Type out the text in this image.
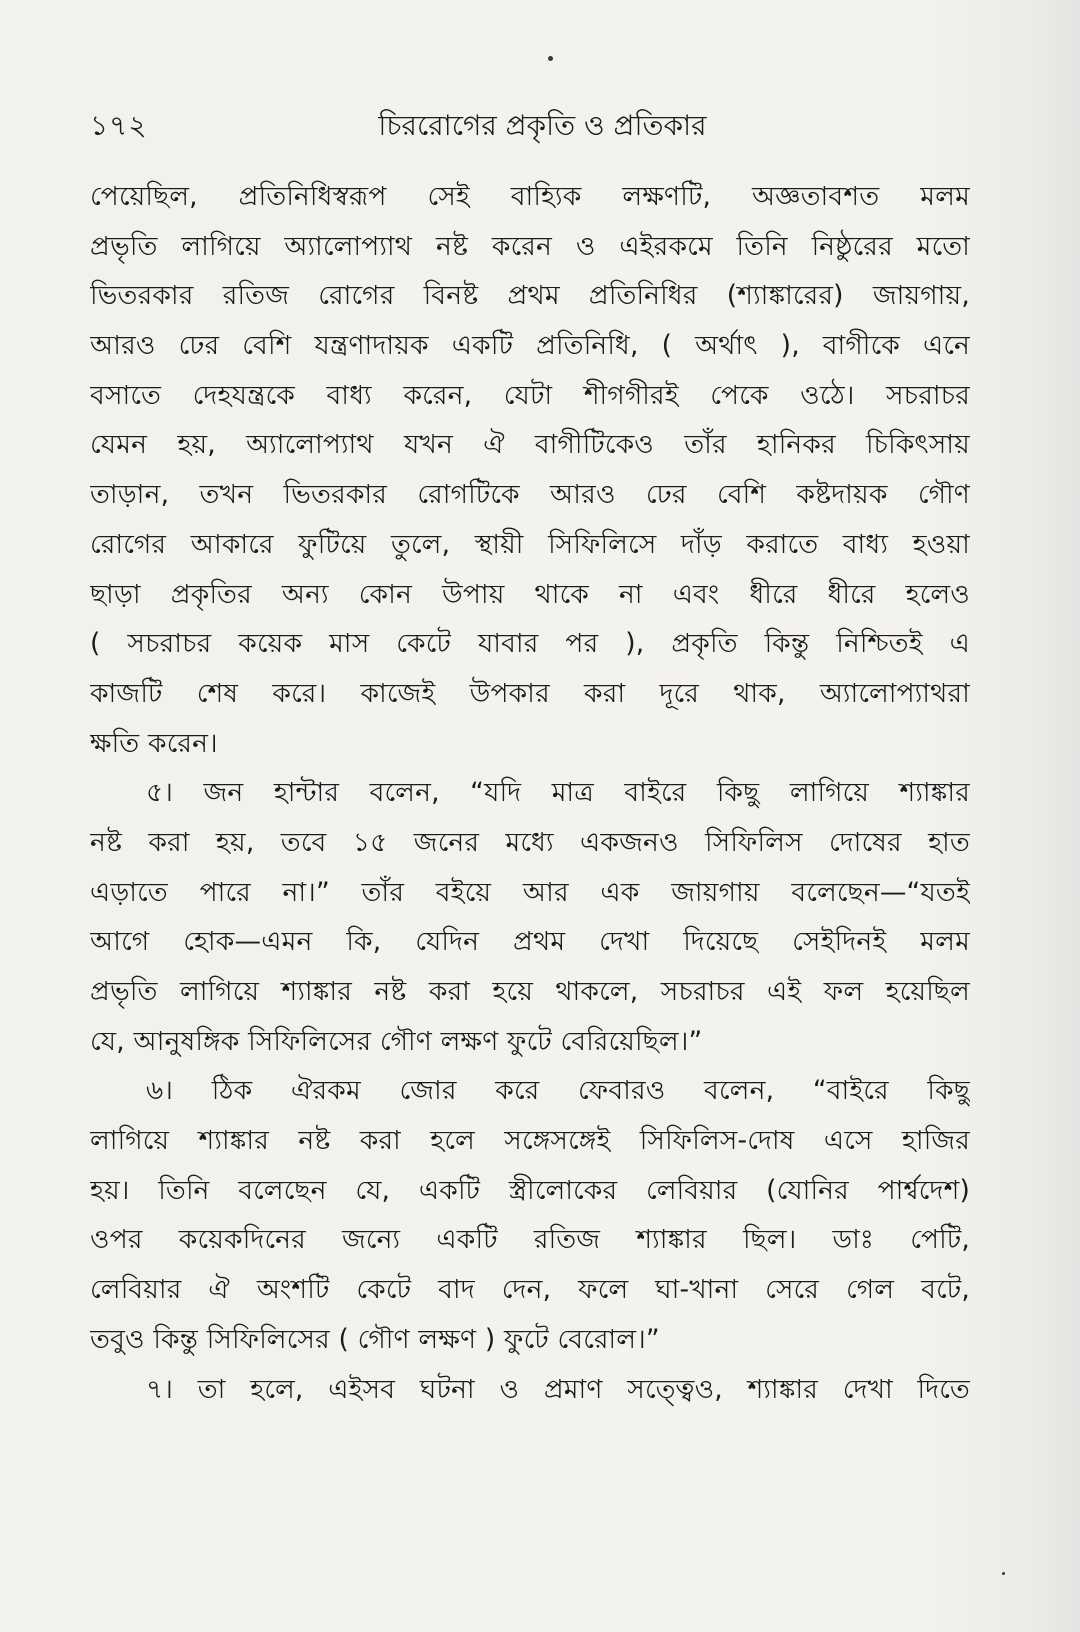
১৭২	চিররোগের প্রকৃতি ও প্রতিকার
পেয়েছিল, প্রতিনিধিস্বরূপ সেই বাহ্যিক লক্ষণটি, অজ্ঞতাবশত মলম
প্রভৃতি লাগিয়ে অ্যালোপ্যাথ নষ্ট করেন ও এইরকমে তিনি নিষ্ঠুরের মতো
ভিতরকার রতিজ রোগের বিনষ্ট প্রথম প্রতিনিধির (শ্যাঙ্কারের) জায়গায়,
আরও ঢের বেশি যন্ত্রণাদায়ক একটি প্রতিনিধি, ( অর্থাৎ ), বাগীকে এনে
বসাতে দেহযন্ত্রকে বাধ্য করেন, যেটা শীগগীরই পেকে ওঠে। সচরাচর
যেমন হয়, অ্যালোপ্যাথ যখন ঐ বাগীটিকেও তাঁর হানিকর চিকিৎসায়
তাড়ান, তখন ভিতরকার রোগটিকে আরও ঢের বেশি কষ্টদায়ক গৌণ
রোগের আকারে ফুটিয়ে তুলে, স্থায়ী সিফিলিসে দাঁড় করাতে বাধ্য হওয়া
ছাড়া প্রকৃতির অন্য কোন উপায় থাকে না এবং ধীরে ধীরে হলেও
( সচরাচর কয়েক মাস কেটে যাবার পর ), প্রকৃতি কিন্তু নিশ্চিতই এ
কাজটি শেষ করে। কাজেই উপকার করা দূরে থাক, অ্যালোপ্যাথরা
ক্ষতি করেন।
৫। জন হান্টার বলেন, “যদি মাত্র বাইরে কিছু লাগিয়ে শ্যাঙ্কার
নষ্ট করা হয়, তবে ১৫ জনের মধ্যে একজনও সিফিলিস দোষের হাত
এড়াতে পারে না।” তাঁর বইয়ে আর এক জায়গায় বলেছেন—“যতই
আগে হোক—এমন কি, যেদিন প্রথম দেখা দিয়েছে সেইদিনই মলম
প্রভৃতি লাগিয়ে শ্যাঙ্কার নষ্ট করা হয়ে থাকলে, সচরাচর এই ফল হয়েছিল
যে, আনুষঙ্গিক সিফিলিসের গৌণ লক্ষণ ফুটে বেরিয়েছিল।”
৬। ঠিক ঐরকম জোর করে ফেবারও বলেন, “বাইরে কিছু
লাগিয়ে শ্যাঙ্কার নষ্ট করা হলে সঙ্গেসঙ্গেই সিফিলিস-দোষ এসে হাজির
হয়। তিনি বলেছেন যে, একটি স্ত্রীলোকের লেবিয়ার (যোনির পার্শ্বদেশ)
ওপর কয়েকদিনের জন্যে একটি রতিজ শ্যাঙ্কার ছিল। ডাঃ পেটি,
লেবিয়ার ঐ অংশটি কেটে বাদ দেন, ফলে ঘা-খানা সেরে গেল বটে,
তবুও কিন্তু সিফিলিসের ( গৌণ লক্ষণ ) ফুটে বেরোল।”
৭। তা হলে, এইসব ঘটনা ও প্রমাণ সত্ত্বেও, শ্যাঙ্কার দেখা দিতে
